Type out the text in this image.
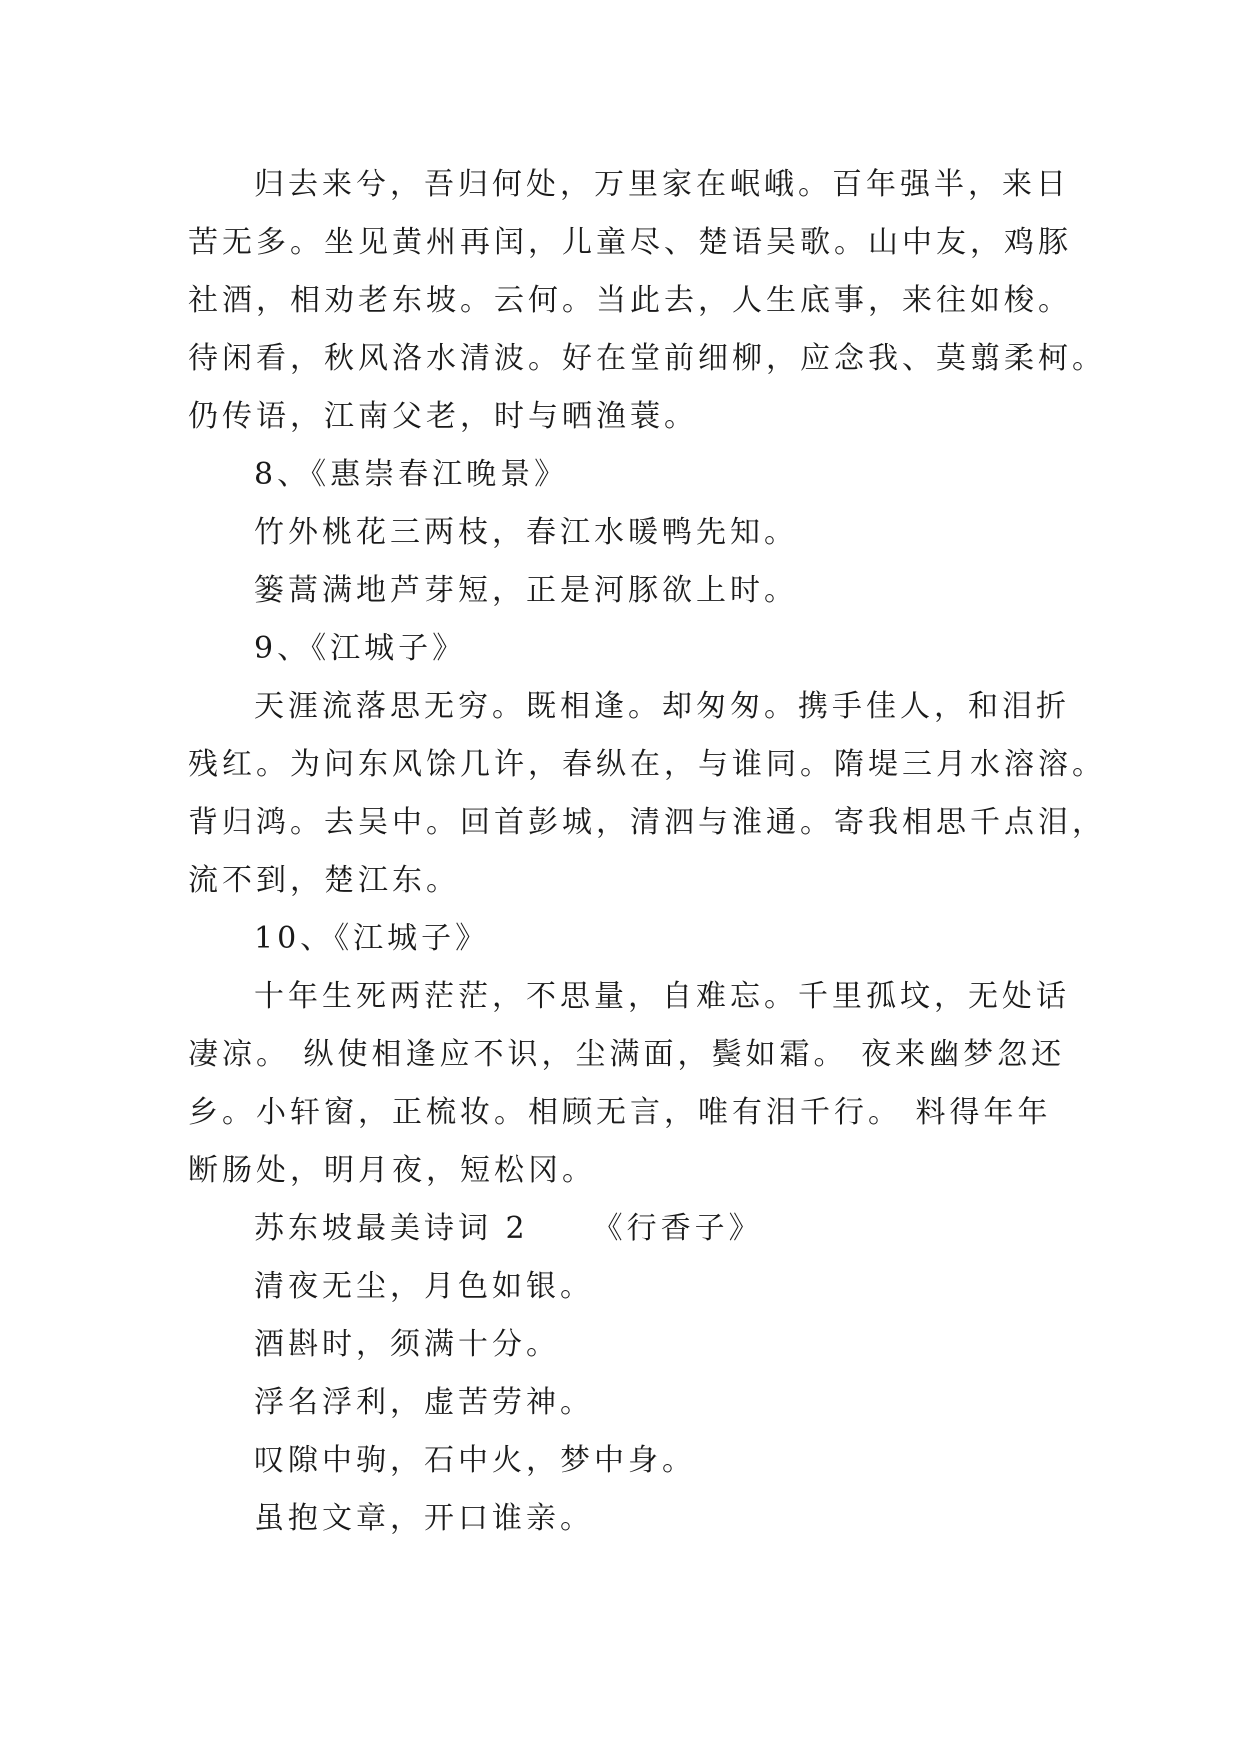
归去来兮，吾归何处，万里家在岷峨。百年强半，来日
苦无多。坐见黄州再闰，儿童尽、楚语吴歌。山中友，鸡豚
社酒，相劝老东坡。云何。当此去，人生底事，来往如梭。
待闲看，秋风洛水清波。好在堂前细柳，应念我、莫翦柔柯。
仍传语，江南父老，时与晒渔蓑。
8、《惠崇春江晚景》
竹外桃花三两枝，春江水暖鸭先知。
篓蒿满地芦芽短，正是河豚欲上时。
9、《江城子》
天涯流落思无穷。既相逢。却匆匆。携手佳人，和泪折
残红。为问东风馀几许，春纵在，与谁同。隋堤三月水溶溶。
背归鸿。去吴中。回首彭城，清泗与淮通。寄我相思千点泪，
流不到，楚江东。
10、《江城子》
十年生死两茫茫，不思量，自难忘。千里孤坟，无处话
凄凉。 纵使相逢应不识，尘满面，鬓如霜。 夜来幽梦忽还
乡。小轩窗，正梳妆。相顾无言，唯有泪千行。 料得年年
断肠处，明月夜，短松冈。
苏东坡最美诗词 2 《行香子》
清夜无尘，月色如银。
酒斟时，须满十分。
浮名浮利，虚苦劳神。
叹隙中驹，石中火，梦中身。
虽抱文章，开口谁亲。
